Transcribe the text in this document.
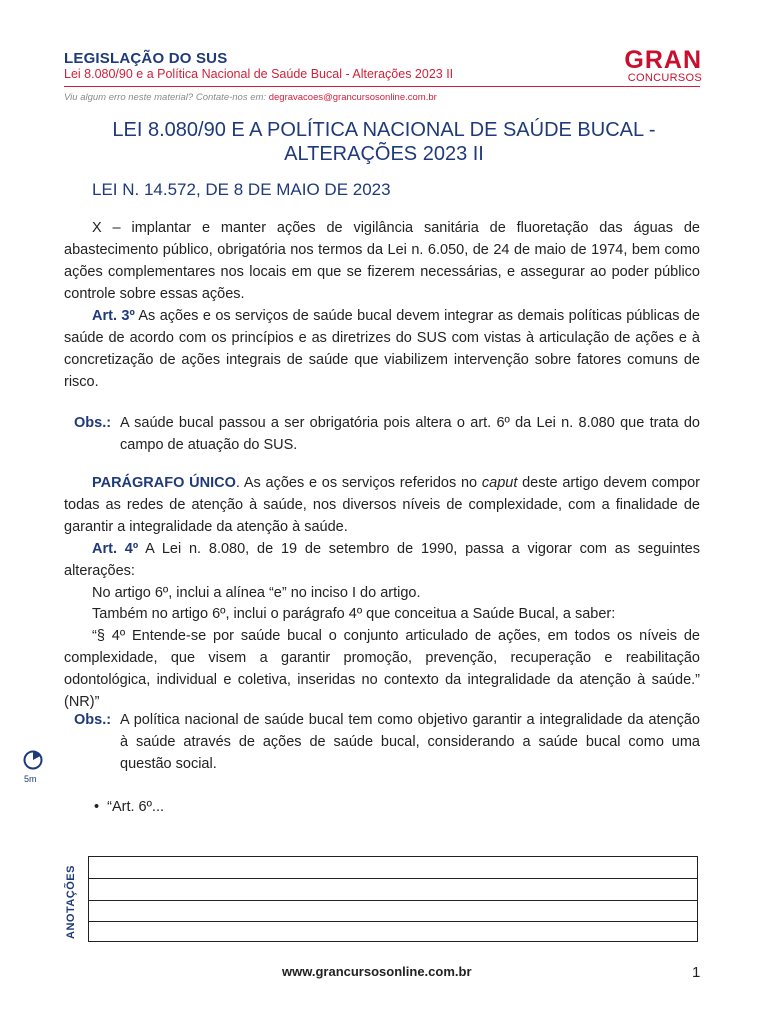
LEGISLAÇÃO DO SUS
Lei 8.080/90 e a Política Nacional de Saúde Bucal - Alterações 2023 II	GRAN
CONCURSOS
Viu algum erro neste material? Contate-nos em: degravacoes@grancursosonline.com.br
LEI 8.080/90 E A POLÍTICA NACIONAL DE SAÚDE BUCAL -
ALTERAÇÕES 2023 II
LEI N. 14.572, DE 8 DE MAIO DE 2023
X – implantar e manter ações de vigilância sanitária de fluoretação das águas de abastecimento público, obrigatória nos termos da Lei n. 6.050, de 24 de maio de 1974, bem como ações complementares nos locais em que se fizerem necessárias, e assegurar ao poder público controle sobre essas ações.
Art. 3º As ações e os serviços de saúde bucal devem integrar as demais políticas públicas de saúde de acordo com os princípios e as diretrizes do SUS com vistas à articulação de ações e à concretização de ações integrais de saúde que viabilizem intervenção sobre fatores comuns de risco.
Obs.: A saúde bucal passou a ser obrigatória pois altera o art. 6º da Lei n. 8.080 que trata do campo de atuação do SUS.
PARÁGRAFO ÚNICO. As ações e os serviços referidos no caput deste artigo devem compor todas as redes de atenção à saúde, nos diversos níveis de complexidade, com a finalidade de garantir a integralidade da atenção à saúde.
Art. 4º A Lei n. 8.080, de 19 de setembro de 1990, passa a vigorar com as seguintes alterações:
No artigo 6º, inclui a alínea “e” no inciso I do artigo.
Também no artigo 6º, inclui o parágrafo 4º que conceitua a Saúde Bucal, a saber:
“§ 4º Entende-se por saúde bucal o conjunto articulado de ações, em todos os níveis de complexidade, que visem a garantir promoção, prevenção, recuperação e reabilitação odontológica, individual e coletiva, inseridas no contexto da integralidade da atenção à saúde.” (NR)”
Obs.: A política nacional de saúde bucal tem como objetivo garantir a integralidade da atenção à saúde através de ações de saúde bucal, considerando a saúde bucal como uma questão social.
5m
• “Art. 6º...
ANOTAÇÕES
www.grancursosonline.com.br	1
